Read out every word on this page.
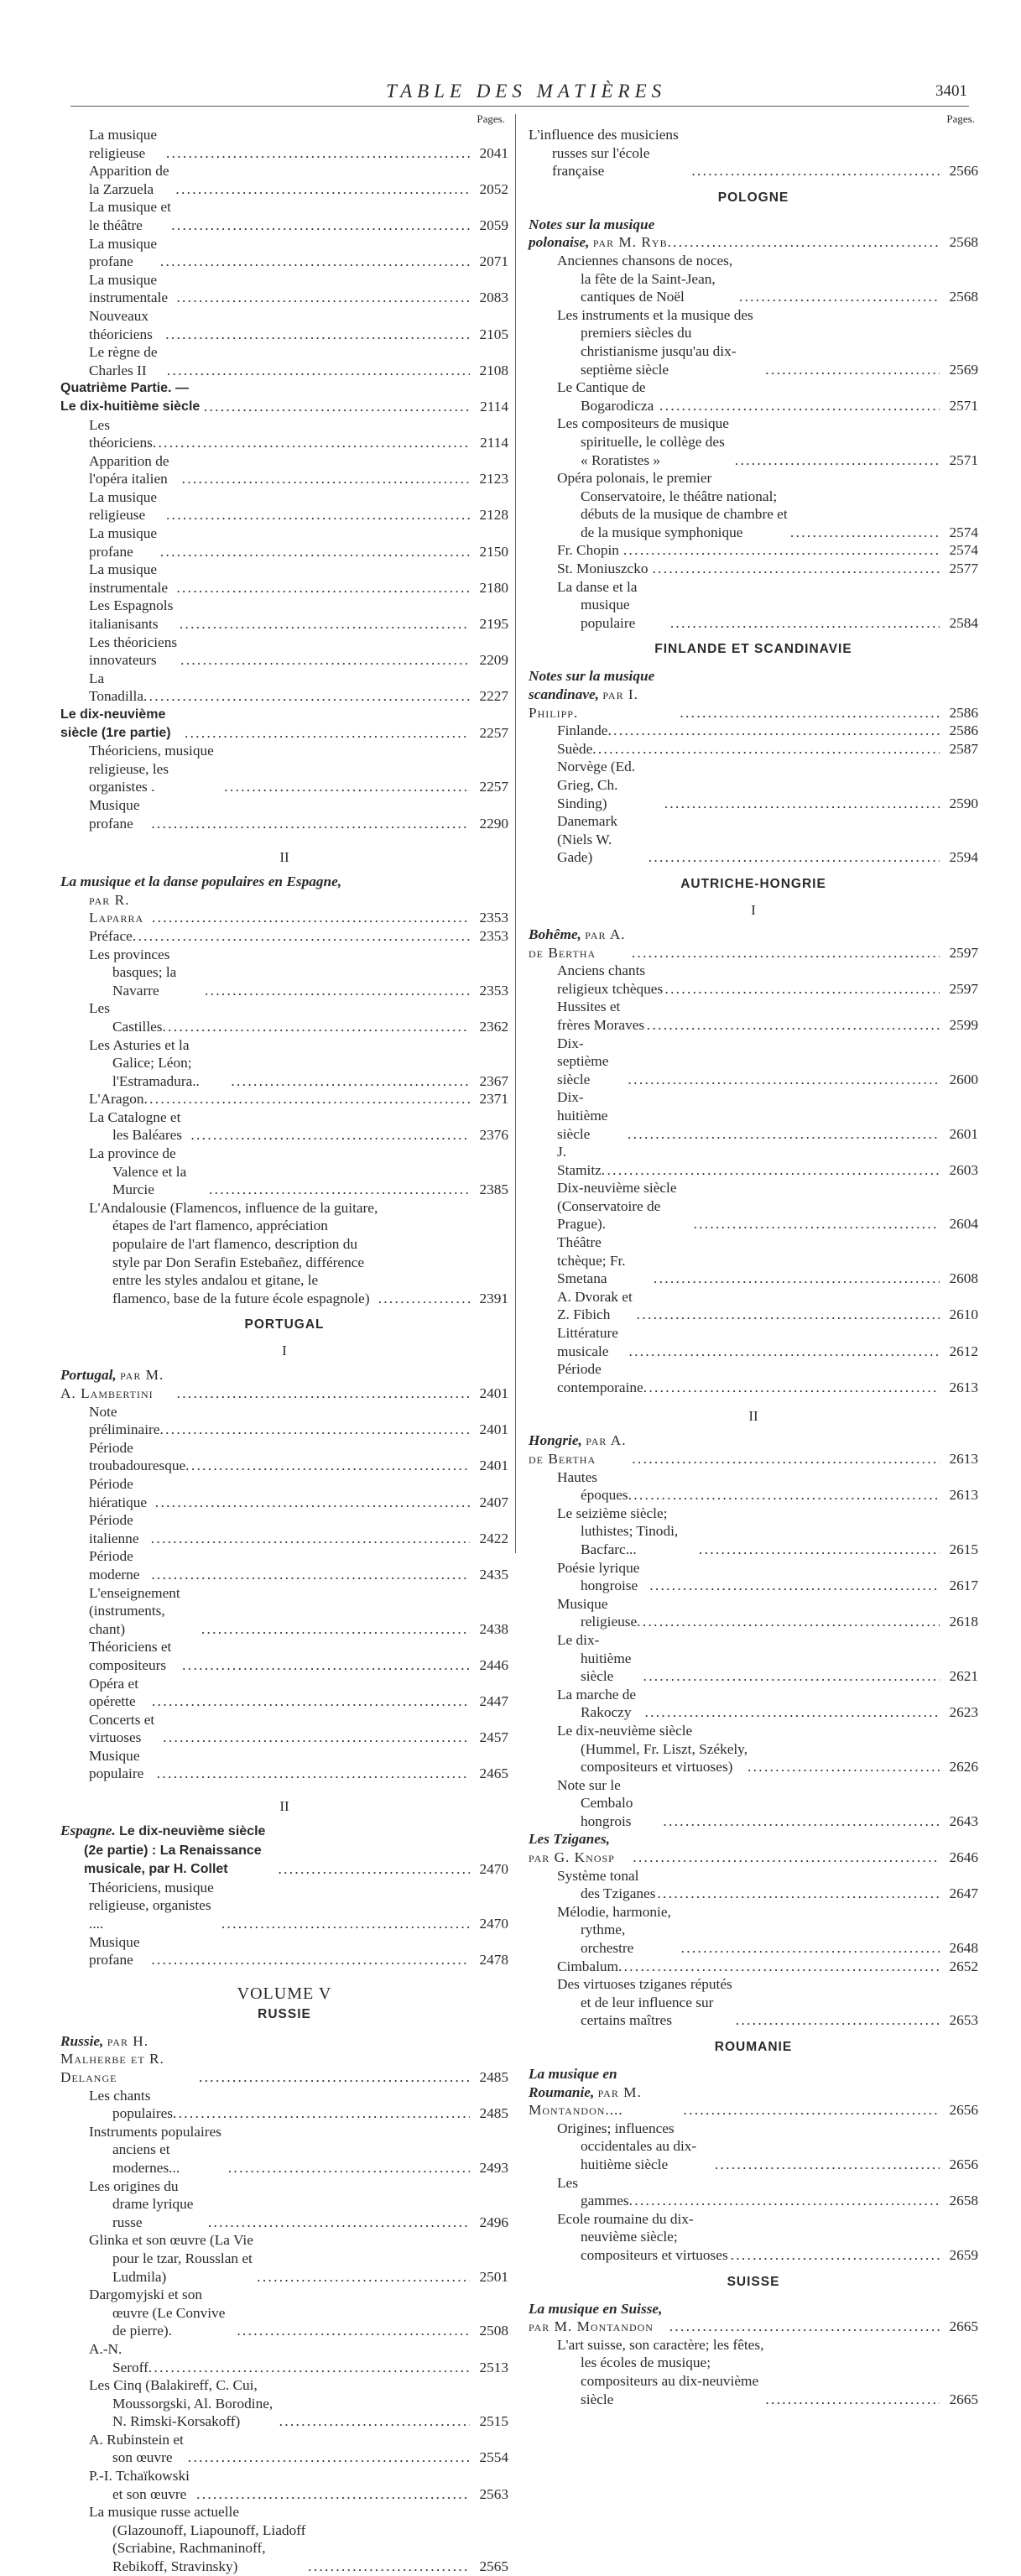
TABLE DES MATIÈRES	3401
Pages.
La musique religieuse . . .	2041
Apparition de la Zarzuela . . .	2052
La musique et le théâtre . . .	2059
La musique profane . . .	2071
La musique instrumentale . . .	2083
Nouveaux théoriciens . . .	2105
Le règne de Charles II . . .	2108
Quatrième Partie. — Le dix-huitième siècle . . .	2114
Les théoriciens . . .	2114
Apparition de l'opéra italien . . .	2123
La musique religieuse . . .	2128
La musique profane . . .	2150
La musique instrumentale . . .	2180
Les Espagnols italianisants . . .	2195
Les théoriciens innovateurs . . .	2209
La Tonadilla . . .	2227
Le dix-neuvième siècle (1re partie) . . .	2257
Théoriciens, musique religieuse, les organistes . . . .	2257
Musique profane . . .	2290
II
La musique et la danse populaires en Espagne,
par R. Laparra . . .	2353
Préface . . .	2353
Les provinces basques; la Navarre . . .	2353
Les Castilles . . .	2362
Les Asturies et la Galice; Léon; l'Estramadura.. . . .	2367
L'Aragon . . .	2371
La Catalogne et les Baléares . . .	2376
La province de Valence et la Murcie . . .	2385
L'Andalousie (Flamencos, influence de la guitare, étapes de l'art flamenco, appréciation populaire de l'art flamenco, description du style par Don Serafin Estebañez, différence entre les styles andalou et gitane, le flamenco, base de la future école espagnole) . . .	2391
PORTUGAL
I
Portugal, par M. A. Lambertini . . .	2401
Note préliminaire . . .	2401
Période troubadouresque . . .	2401
Période hiératique . . .	2407
Période italienne . . .	2422
Période moderne . . .	2435
L'enseignement (instruments, chant) . . .	2438
Théoriciens et compositeurs . . .	2446
Opéra et opérette . . .	2447
Concerts et virtuoses . . .	2457
Musique populaire . . .	2465
II
Espagne. Le dix-neuvième siècle (2e partie) : La Renaissance musicale, par H. Collet . . .	2470
Théoriciens, musique religieuse, organistes .... . . .	2470
Musique profane . . .	2478
VOLUME V
RUSSIE
Russie, par H. Malherbe et R. Delange . . .	2485
Les chants populaires . . .	2485
Instruments populaires anciens et modernes... . . .	2493
Les origines du drame lyrique russe . . .	2496
Glinka et son œuvre (La Vie pour le tzar, Rousslan et Ludmila) . . .	2501
Dargomyjski et son œuvre (Le Convive de pierre). . . .	2508
A.-N. Seroff . . .	2513
Les Cinq (Balakireff, C. Cui, Moussorgski, Al. Borodine, N. Rimski-Korsakoff) . . .	2515
A. Rubinstein et son œuvre . . .	2554
P.-I. Tchaïkowski et son œuvre . . .	2563
La musique russe actuelle (Glazounoff, Liapounoff, Liadoff (Scriabine, Rachmaninoff, Rebikoff, Stravinsky) . . .	2565
Pages.
L'influence des musiciens russes sur l'école française . . .	2566
POLOGNE
Notes sur la musique polonaise, par M. Ryb. . . .	2568
Anciennes chansons de noces, la fête de la Saint-Jean, cantiques de Noël . . .	2568
Les instruments et la musique des premiers siècles du christianisme jusqu'au dix-septième siècle . . .	2569
Le Cantique de Bogarodicza . . .	2571
Les compositeurs de musique spirituelle, le collège des « Roratistes » . . .	2571
Opéra polonais, le premier Conservatoire, le théâtre national; débuts de la musique de chambre et de la musique symphonique . . .	2574
Fr. Chopin . . .	2574
St. Moniuszcko . . .	2577
La danse et la musique populaire . . .	2584
FINLANDE ET SCANDINAVIE
Notes sur la musique scandinave, par I. Philipp. . . .	2586
Finlande . . .	2586
Suède . . .	2587
Norvège (Ed. Grieg, Ch. Sinding) . . .	2590
Danemark (Niels W. Gade) . . .	2594
AUTRICHE-HONGRIE
I
Bohême, par A. de Bertha . . .	2597
Anciens chants religieux tchèques . . .	2597
Hussites et frères Moraves . . .	2599
Dix-septième siècle . . .	2600
Dix-huitième siècle . . .	2601
J. Stamitz . . .	2603
Dix-neuvième siècle (Conservatoire de Prague). . . .	2604
Théâtre tchèque; Fr. Smetana . . .	2608
A. Dvorak et Z. Fibich . . .	2610
Littérature musicale . . .	2612
Période contemporaine . . .	2613
II
Hongrie, par A. de Bertha . . .	2613
Hautes époques . . .	2613
Le seizième siècle; luthistes; Tinodi, Bacfarc... . . .	2615
Poésie lyrique hongroise . . .	2617
Musique religieuse . . .	2618
Le dix-huitième siècle . . .	2621
La marche de Rakoczy . . .	2623
Le dix-neuvième siècle (Hummel, Fr. Liszt, Székely, compositeurs et virtuoses) . . .	2626
Note sur le Cembalo hongrois . . .	2643
Les Tziganes, par G. Knosp . . .	2646
Système tonal des Tziganes . . .	2647
Mélodie, harmonie, rythme, orchestre . . .	2648
Cimbalum . . .	2652
Des virtuoses tziganes réputés et de leur influence sur certains maîtres . . .	2653
ROUMANIE
La musique en Roumanie, par M. Montandon.... . . .	2656
Origines; influences occidentales au dix-huitième siècle . . .	2656
Les gammes . . .	2658
Ecole roumaine du dix-neuvième siècle; compositeurs et virtuoses . . .	2659
SUISSE
La musique en Suisse, par M. Montandon . . .	2665
L'art suisse, son caractère; les fêtes, les écoles de musique; compositeurs au dix-neuvième siècle . . .	2665
